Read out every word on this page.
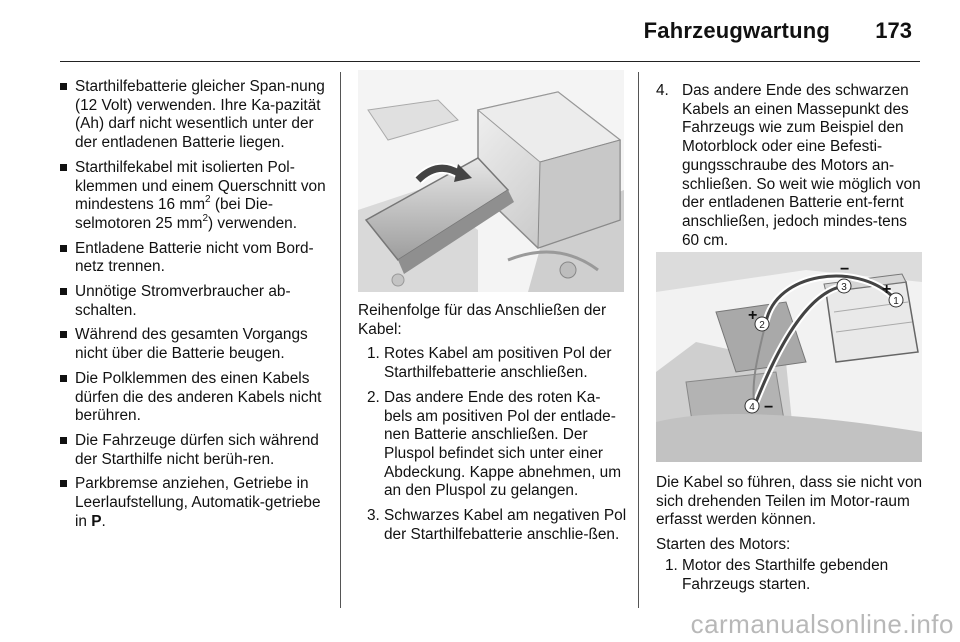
Fahrzeugwartung 173
Starthilfebatterie gleicher Span-nung (12 Volt) verwenden. Ihre Ka-pazität (Ah) darf nicht wesentlich unter der der entladenen Batterie liegen.
Starthilfekabel mit isolierten Pol-klemmen und einem Querschnitt von mindestens 16 $mm^2$ (bei Die-selmotoren 25 $mm^2$) verwenden.
Entladene Batterie nicht vom Bord-netz trennen.
Unnötige Stromverbraucher ab-schalten.
Während des gesamten Vorgangs nicht über die Batterie beugen.
Die Polklemmen des einen Kabels dürfen die des anderen Kabels nicht berühren.
Die Fahrzeuge dürfen sich während der Starthilfe nicht berüh-ren.
Parkbremse anziehen, Getriebe in Leerlaufstellung, Automatik-getriebe in P.

Reihenfolge für das Anschließen der Kabel:

1. Rotes Kabel am positiven Pol der Starthilfebatterie anschließen.
2. Das andere Ende des roten Ka-bels am positiven Pol der entlade-nen Batterie anschließen. Der Pluspol befindet sich unter einer Abdeckung. Kappe abnehmen, um an den Pluspol zu gelangen.
3. Schwarzes Kabel am negativen Pol der Starthilfebatterie anschlie-ßen.
4. Das andere Ende des schwarzen Kabels an einen Massepunkt des Fahrzeugs wie zum Beispiel den Motorblock oder eine Befesti-gungsschraube des Motors an-schließen. So weit wie möglich von der entladenen Batterie ent-fernt anschließen, jedoch mindes-tens 60 cm.
1
2
3
4
+
+
−
−

Die Kabel so führen, dass sie nicht von sich drehenden Teilen im Motor-raum erfasst werden können.

Starten des Motors:

1. Motor des Starthilfe gebenden Fahrzeugs starten.
carmanualsonline.info
